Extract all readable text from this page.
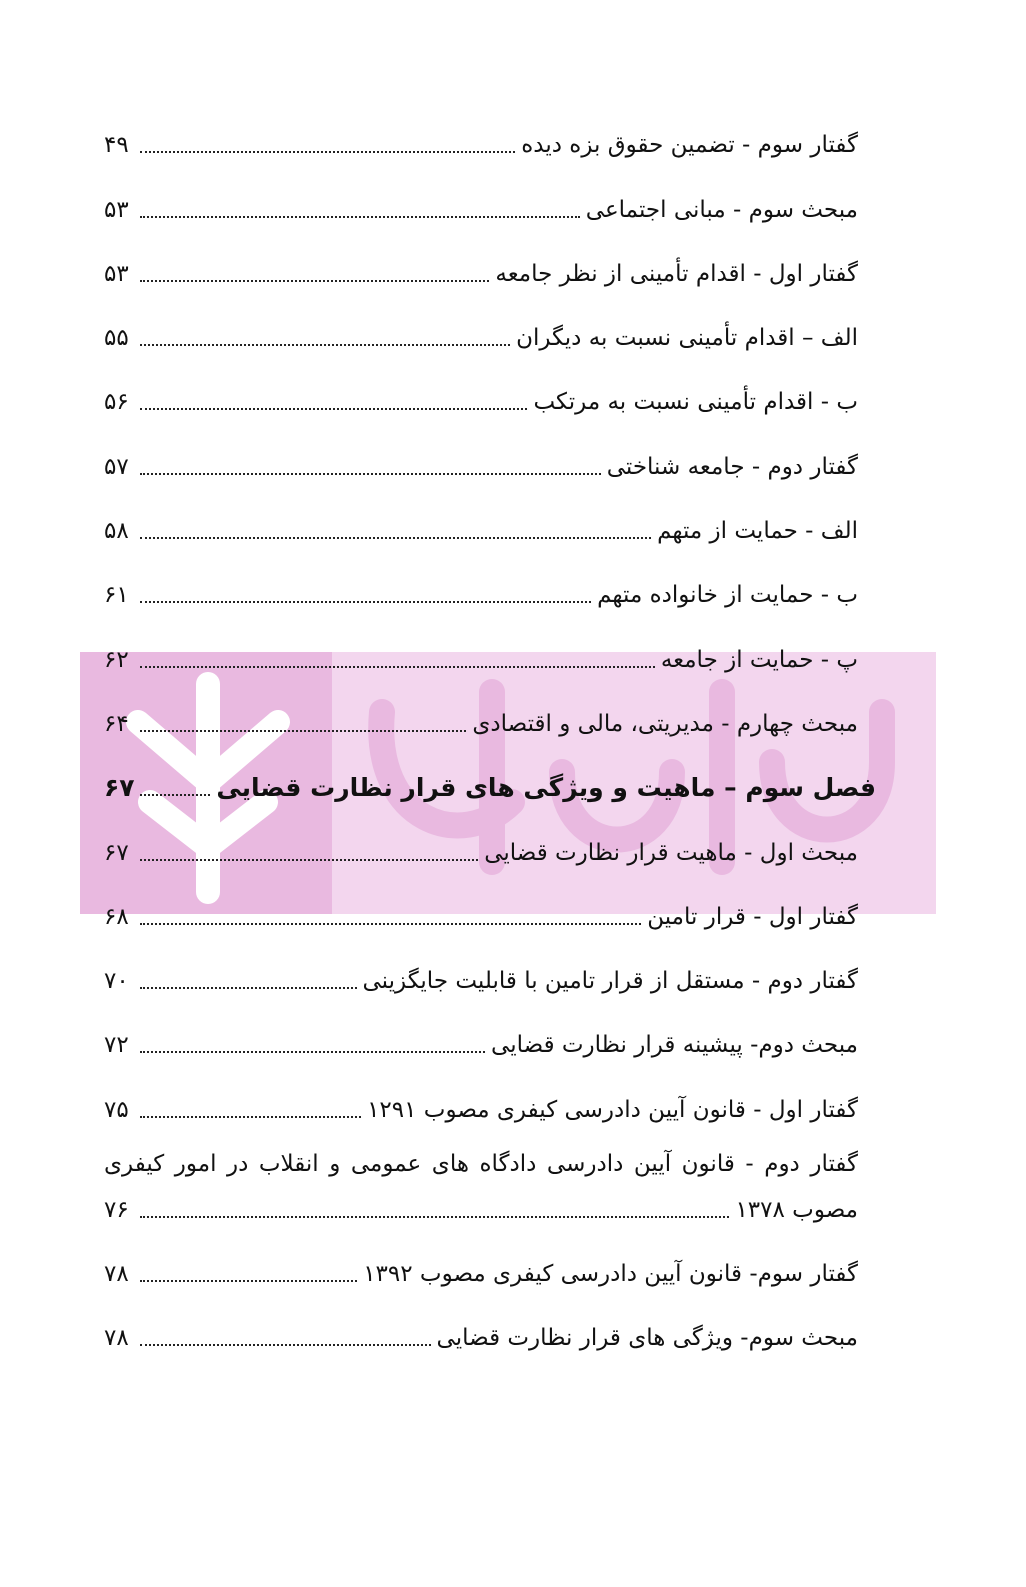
گفتار سوم - تضمین حقوق بزه دیده
۴۹
مبحث سوم - مبانی اجتماعی
۵۳
گفتار اول - اقدام تأمینی از نظر جامعه
۵۳
الف – اقدام تأمینی نسبت به دیگران
۵۵
ب - اقدام تأمینی نسبت به مرتکب
۵۶
گفتار دوم - جامعه شناختی
۵۷
الف - حمایت از متهم
۵۸
ب - حمایت از خانواده متهم
۶۱
پ - حمایت از جامعه
۶۲
مبحث چهارم - مدیریتی، مالی و اقتصادی
۶۴
فصل سوم – ماهیت و ویژگی های قرار نظارت قضایی
۶۷
مبحث اول - ماهیت قرار نظارت قضایی
۶۷
گفتار اول - قرار تامین
۶۸
گفتار دوم - مستقل از قرار تامین با قابلیت جایگزینی
۷۰
مبحث دوم- پیشینه قرار نظارت قضایی
۷۲
گفتار اول - قانون آیین دادرسی کیفری مصوب ۱۲۹۱
۷۵
گفتار دوم - قانون آیین دادرسی دادگاه های عمومی و انقلاب در امور کیفری
مصوب ۱۳۷۸
۷۶
گفتار سوم- قانون آیین دادرسی کیفری مصوب ۱۳۹۲
۷۸
مبحث سوم- ویژگی های قرار نظارت قضایی
۷۸
